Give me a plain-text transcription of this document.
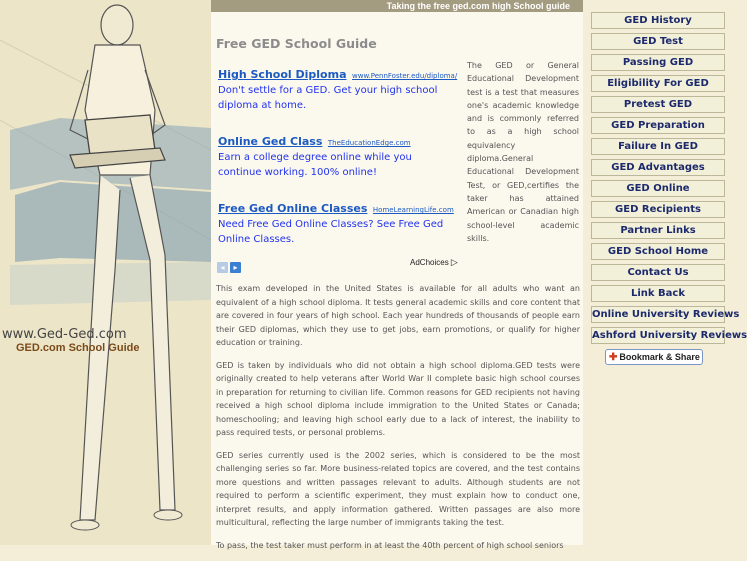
www.Ged-Ged.com
GED.com School Guide
Taking the free ged.com high School guide
Free GED School Guide
High School Diploma www.PennFoster.edu/diploma/
Don't settle for a GED. Get your high school diploma at home.
Online Ged Class TheEducationEdge.com
Earn a college degree online while you continue working. 100% online!
Free Ged Online Classes HomeLearningLife.com
Need Free Ged Online Classes? See Free Ged Online Classes.
◂ ▸
AdChoices ▷
The GED or General Educational Development test is a test that measures one's academic knowledge and is commonly referred to as a high school equivalency diploma.General Educational Development Test, or GED,certifies the taker has attained American or Canadian high school-level academic skills.

This exam developed in the United States is available for all adults who want an equivalent of a high school diploma. It tests general academic skills and core content that are covered in four years of high school. Each year hundreds of thousands of people earn their GED diplomas, which they use to get jobs, earn promotions, or qualify for higher education or training.

GED is taken by individuals who did not obtain a high school diploma.GED tests were originally created to help veterans after World War II complete basic high school courses in preparation for returning to civilian life. Common reasons for GED recipients not having received a high school diploma include immigration to the United States or Canada; homeschooling; and leaving high school early due to a lack of interest, the inability to pass required tests, or personal problems.

GED series currently used is the 2002 series, which is considered to be the most challenging series so far. More business-related topics are covered, and the test contains more questions and written passages relevant to adults. Although students are not required to perform a scientific experiment, they must explain how to conduct one, interpret results, and apply information gathered. Written passages are also more multicultural, reflecting the large number of immigrants taking the test.

To pass, the test taker must perform in at least the 40th percent of high school seniors

GED History
GED Test
Passing GED
Eligibility For GED
Pretest GED
GED Preparation
Failure In GED
GED Advantages
GED Online
GED Recipients
Partner Links
GED School Home
Contact Us
Link Back
Online University Reviews
Ashford University Reviews
✚ Bookmark & Share
